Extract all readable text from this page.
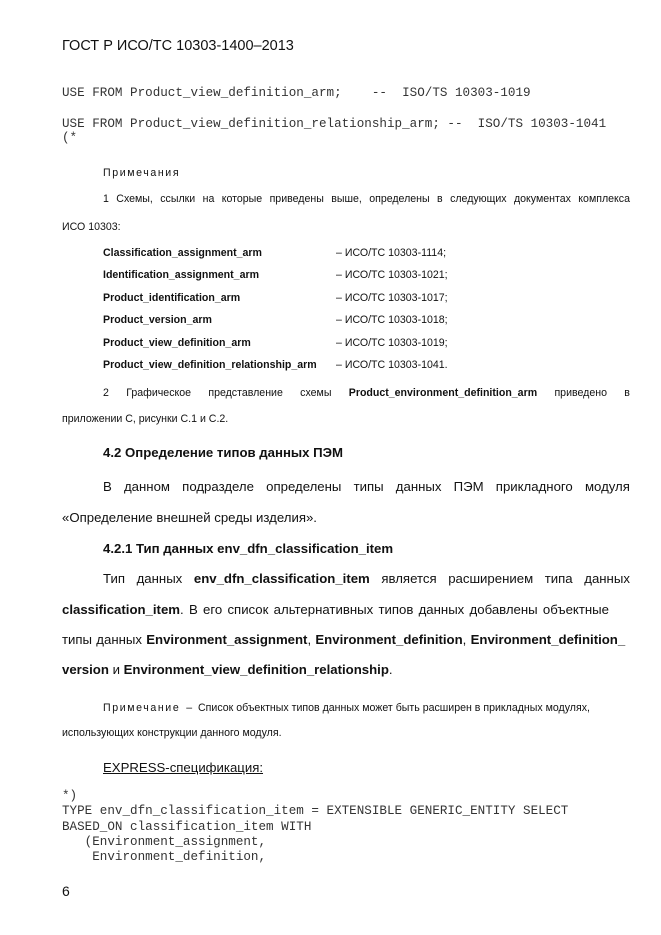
ГОСТ Р ИСО/ТС 10303-1400–2013
USE FROM Product_view_definition_arm;    --  ISO/TS 10303-1019
USE FROM Product_view_definition_relationship_arm; --  ISO/TS 10303-1041
(*
Примечания
1 Схемы, ссылки на которые приведены выше, определены в следующих документах комплекса
ИСО 10303:
Classification_assignment_arm	– ИСО/ТС 10303-1114;
Identification_assignment_arm	– ИСО/ТС 10303-1021;
Product_identification_arm	– ИСО/ТС 10303-1017;
Product_version_arm	– ИСО/ТС 10303-1018;
Product_view_definition_arm	– ИСО/ТС 10303-1019;
Product_view_definition_relationship_arm – ИСО/ТС 10303-1041.
2 Графическое представление схемы Product_environment_definition_arm приведено в
приложении С, рисунки С.1 и С.2.
4.2 Определение типов данных ПЭМ
В данном подразделе определены типы данных ПЭМ прикладного модуля
«Определение внешней среды изделия».
4.2.1 Тип данных env_dfn_classification_item
Тип данных env_dfn_classification_item является расширением типа данных
classification_item. В его список альтернативных типов данных добавлены объектные
типы данных Environment_assignment, Environment_definition, Environment_definition_
version и Environment_view_definition_relationship.
Примечание – Список объектных типов данных может быть расширен в прикладных модулях,
использующих конструкции данного модуля.
EXPRESS-спецификация:
*)
TYPE env_dfn_classification_item = EXTENSIBLE GENERIC_ENTITY SELECT
BASED_ON classification_item WITH
(Environment_assignment,
Environment_definition,
6
